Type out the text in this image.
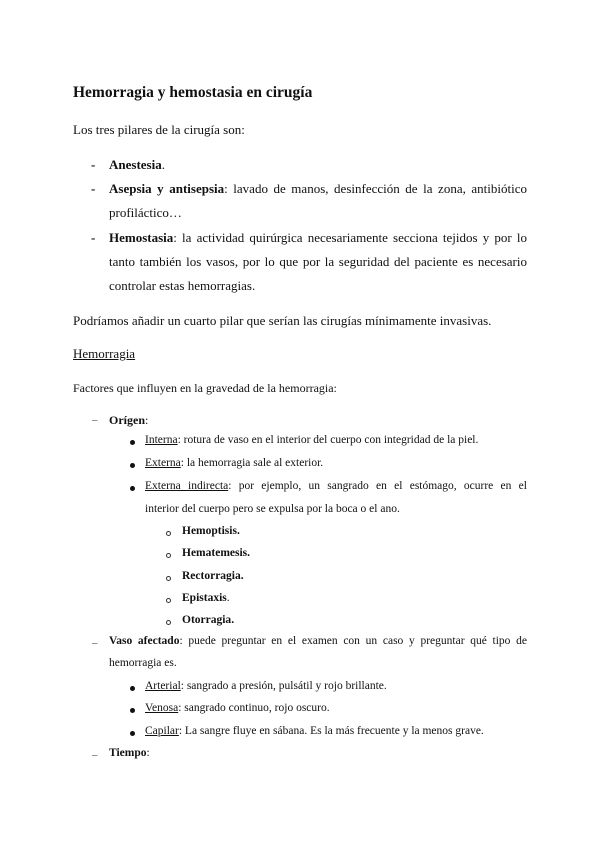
Hemorragia y hemostasia en cirugía
Los tres pilares de la cirugía son:
- Anestesia.
- Asepsia y antisepsia: lavado de manos, desinfección de la zona, antibiótico
profiláctico…
- Hemostasia: la actividad quirúrgica necesariamente secciona tejidos y por lo
tanto también los vasos, por lo que por la seguridad del paciente es necesario
controlar estas hemorragias.
Podríamos añadir un cuarto pilar que serían las cirugías mínimamente invasivas.
Hemorragia
Factores que influyen en la gravedad de la hemorragia:
– Orígen:
Interna: rotura de vaso en el interior del cuerpo con integridad de la piel.
Externa: la hemorragia sale al exterior.
Externa indirecta: por ejemplo, un sangrado en el estómago, ocurre en el
interior del cuerpo pero se expulsa por la boca o el ano.
Hemoptisis.
Hematemesis.
Rectorragia.
Epistaxis.
Otorragia.
– Vaso afectado: puede preguntar en el examen con un caso y preguntar qué tipo de
hemorragia es.
Arterial: sangrado a presión, pulsátil y rojo brillante.
Venosa: sangrado continuo, rojo oscuro.
Capilar: La sangre fluye en sábana. Es la más frecuente y la menos grave.
– Tiempo:
